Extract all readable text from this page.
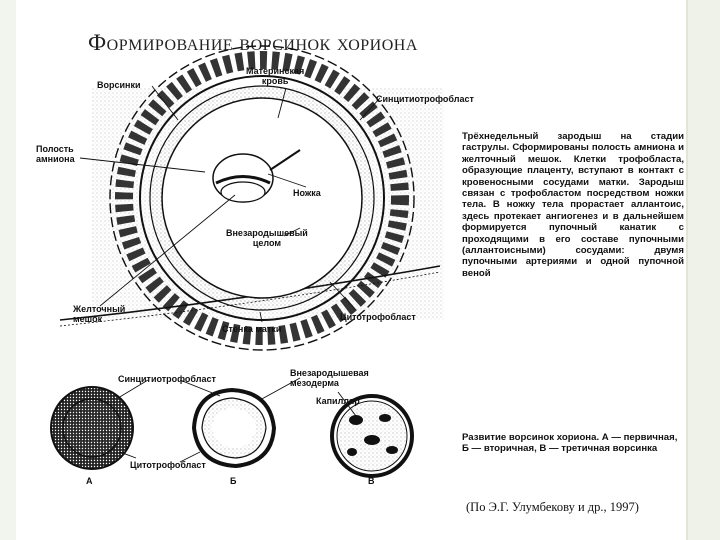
Формирование ворсинок хориона
Ворсинки
Материнская
кровь
Синцитиотрофобласт
Полость
амниона
Ножка
Внезародышевый
целом
Желточный
мешок
Стенка матки
Цитотрофобласт
Синцитиотрофобласт
Внезародышевая
мезодерма
Капилляр
Цитотрофобласт
А	Б	В
Трёхнедельный зародыш на стадии гаструлы. Сформированы полость амниона и желточный мешок. Клетки трофобласта, образующие плаценту, вступают в контакт с кровеносными сосудами матки. Зародыш связан с трофобластом посредством ножки тела. В ножку тела прорастает аллантоис, здесь протекает ангиогенез и в дальнейшем формируется пупочный канатик с проходящими в его составе пупочными (аллантоисными) сосудами: двумя пупочными артериями и одной пупочной веной
Развитие ворсинок хориона. А — первичная, Б — вторичная, В — третичная ворсинка
(По Э.Г. Улумбекову и др., 1997)
